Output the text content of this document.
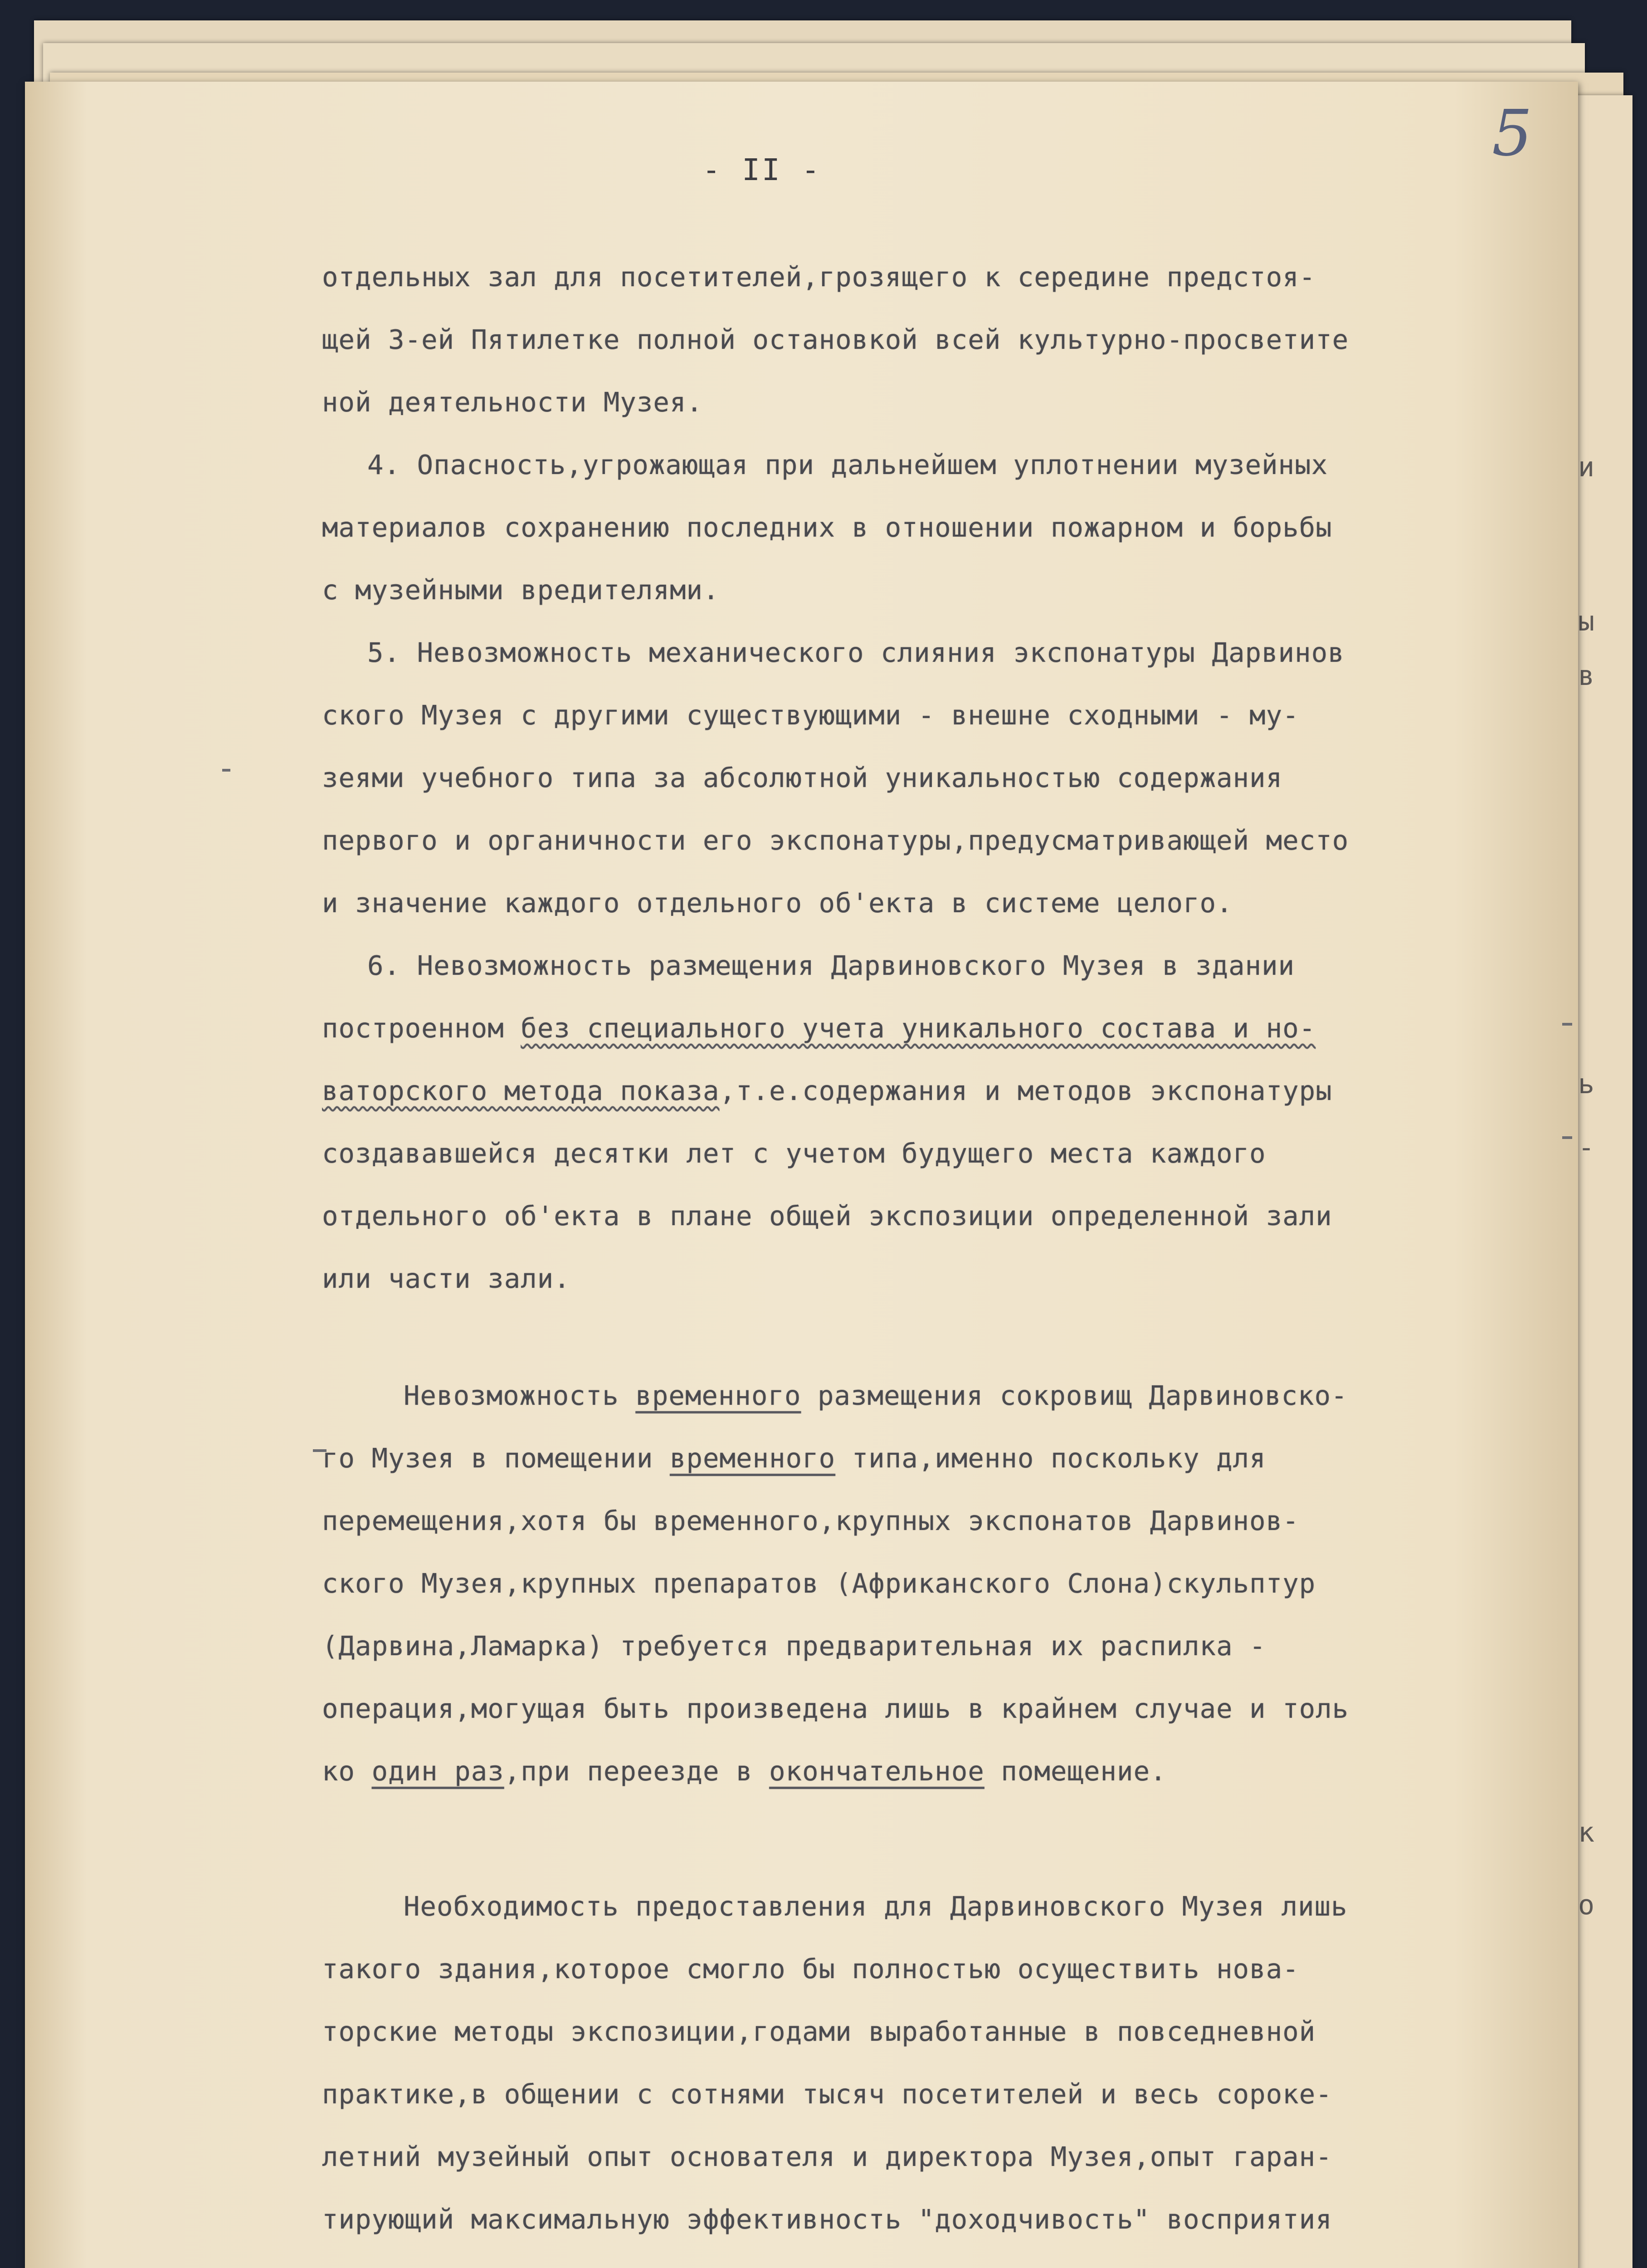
и
ы
в
ь
-
к
о
5
- II -
отдельных зал для посетителей,грозящего к середине предстоя-
щей 3-ей Пятилетке полной остановкой всей культурно-просветите
ной деятельности Музея.
4. Опасность,угрожающая при дальнейшем уплотнении музейных
материалов сохранению последних в отношении пожарном и борьбы
с музейными вредителями.
5. Невозможность механического слияния экспонатуры Дарвинов
ского Музея с другими существующими - внешне сходными - му-
зеями учебного типа за абсолютной уникальностью содержания
первого и органичности его экспонатуры,предусматривающей место
и значение каждого отдельного об'екта в системе целого.
6. Невозможность размещения Дарвиновского Музея в здании
построенном без специального учета уникального состава и но-
ваторского метода показа,т.е.содержания и методов экспонатуры
создававшейся десятки лет с учетом будущего места каждого
отдельного об'екта в плане общей экспозиции определенной зали
или части зали.
Невозможность временного размещения сокровищ Дарвиновско-
го Музея в помещении временного типа,именно поскольку для
перемещения,хотя бы временного,крупных экспонатов Дарвинов-
ского Музея,крупных препаратов (Африканского Слона)скульптур
(Дарвина,Ламарка) требуется предварительная их распилка -
операция,могущая быть произведена лишь в крайнем случае и толь
ко один раз,при переезде в окончательное помещение.
Необходимость предоставления для Дарвиновского Музея лишь
такого здания,которое смогло бы полностью осуществить нова-
торские методы экспозиции,годами выработанные в повседневной
практике,в общении с сотнями тысяч посетителей и весь сороке-
летний музейный опыт основателя и директора Музея,опыт гаран-
тирующий максимальную эффективность "доходчивость" восприятия
